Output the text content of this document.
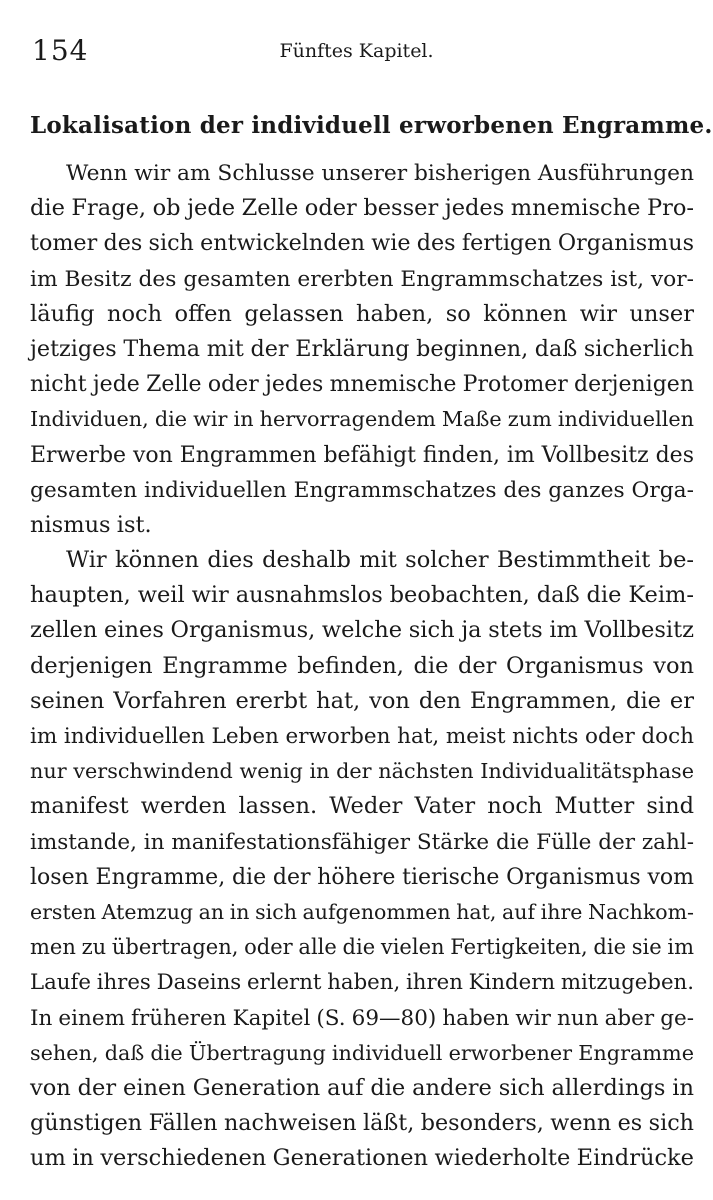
154	Fünftes Kapitel.
Lokalisation der individuell erworbenen Engramme.
Wenn wir am Schlusse unserer bisherigen Ausführungen
die Frage, ob jede Zelle oder besser jedes mnemische Pro-
tomer des sich entwickelnden wie des fertigen Organismus
im Besitz des gesamten ererbten Engrammschatzes ist, vor-
läufig noch offen gelassen haben, so können wir unser
jetziges Thema mit der Erklärung beginnen, daß sicherlich
nicht jede Zelle oder jedes mnemische Protomer derjenigen
Individuen, die wir in hervorragendem Maße zum individuellen
Erwerbe von Engrammen befähigt finden, im Vollbesitz des
gesamten individuellen Engrammschatzes des ganzes Orga-
nismus ist.
Wir können dies deshalb mit solcher Bestimmtheit be-
haupten, weil wir ausnahmslos beobachten, daß die Keim-
zellen eines Organismus, welche sich ja stets im Vollbesitz
derjenigen Engramme befinden, die der Organismus von
seinen Vorfahren ererbt hat, von den Engrammen, die er
im individuellen Leben erworben hat, meist nichts oder doch
nur verschwindend wenig in der nächsten Individualitätsphase
manifest werden lassen. Weder Vater noch Mutter sind
imstande, in manifestationsfähiger Stärke die Fülle der zahl-
losen Engramme, die der höhere tierische Organismus vom
ersten Atemzug an in sich aufgenommen hat, auf ihre Nachkom-
men zu übertragen, oder alle die vielen Fertigkeiten, die sie im
Laufe ihres Daseins erlernt haben, ihren Kindern mitzugeben.
In einem früheren Kapitel (S. 69—80) haben wir nun aber ge-
sehen, daß die Übertragung individuell erworbener Engramme
von der einen Generation auf die andere sich allerdings in
günstigen Fällen nachweisen läßt, besonders, wenn es sich
um in verschiedenen Generationen wiederholte Eindrücke
